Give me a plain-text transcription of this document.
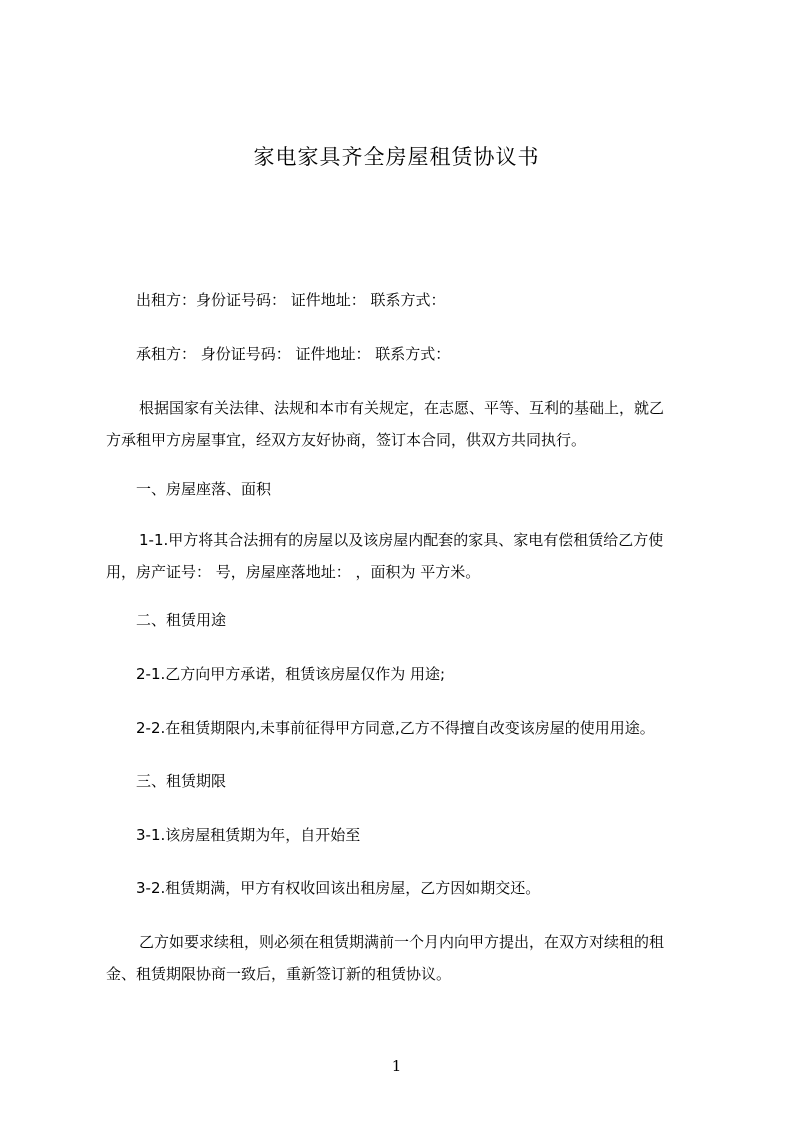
家电家具齐全房屋租赁协议书
出租方：身份证号码： 证件地址： 联系方式：
承租方： 身份证号码： 证件地址： 联系方式：
根据国家有关法律、法规和本市有关规定，在志愿、平等、互利的基础上，就乙
方承租甲方房屋事宜，经双方友好协商，签订本合同，供双方共同执行。
一、房屋座落、面积
1-1.甲方将其合法拥有的房屋以及该房屋内配套的家具、家电有偿租赁给乙方使
用，房产证号： 号，房屋座落地址： ，面积为 平方米。
二、租赁用途
2-1.乙方向甲方承诺，租赁该房屋仅作为 用途;
2-2.在租赁期限内,未事前征得甲方同意,乙方不得擅自改变该房屋的使用用途。
三、租赁期限
3-1.该房屋租赁期为年，自开始至
3-2.租赁期满，甲方有权收回该出租房屋，乙方因如期交还。
乙方如要求续租，则必须在租赁期满前一个月内向甲方提出，在双方对续租的租
金、租赁期限协商一致后，重新签订新的租赁协议。
1
